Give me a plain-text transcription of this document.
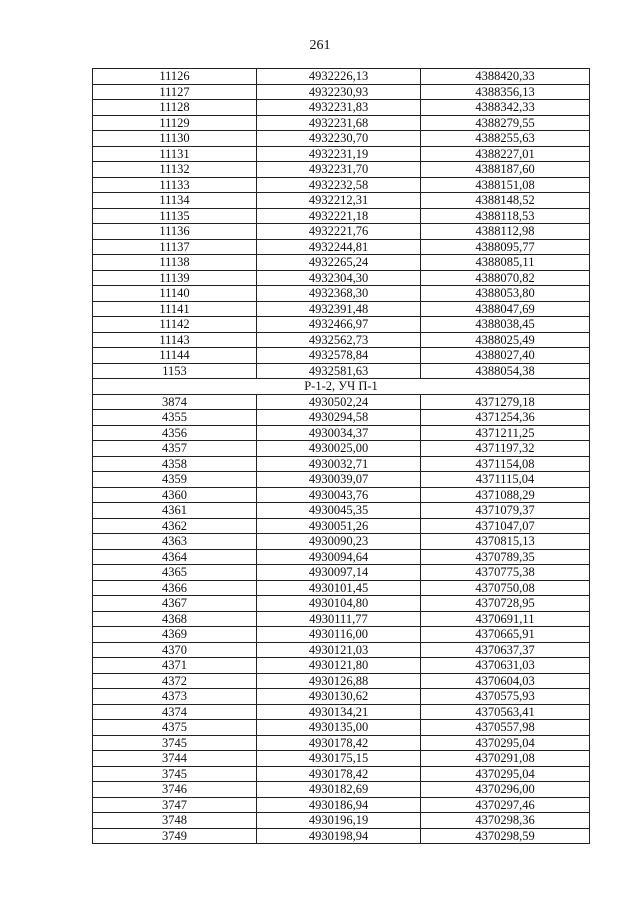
261
11126	4932226,13	4388420,33
11127	4932230,93	4388356,13
11128	4932231,83	4388342,33
11129	4932231,68	4388279,55
11130	4932230,70	4388255,63
11131	4932231,19	4388227,01
11132	4932231,70	4388187,60
11133	4932232,58	4388151,08
11134	4932212,31	4388148,52
11135	4932221,18	4388118,53
11136	4932221,76	4388112,98
11137	4932244,81	4388095,77
11138	4932265,24	4388085,11
11139	4932304,30	4388070,82
11140	4932368,30	4388053,80
11141	4932391,48	4388047,69
11142	4932466,97	4388038,45
11143	4932562,73	4388025,49
11144	4932578,84	4388027,40
1153	4932581,63	4388054,38
Р-1-2, УЧ П-1		
3874	4930502,24	4371279,18
4355	4930294,58	4371254,36
4356	4930034,37	4371211,25
4357	4930025,00	4371197,32
4358	4930032,71	4371154,08
4359	4930039,07	4371115,04
4360	4930043,76	4371088,29
4361	4930045,35	4371079,37
4362	4930051,26	4371047,07
4363	4930090,23	4370815,13
4364	4930094,64	4370789,35
4365	4930097,14	4370775,38
4366	4930101,45	4370750,08
4367	4930104,80	4370728,95
4368	4930111,77	4370691,11
4369	4930116,00	4370665,91
4370	4930121,03	4370637,37
4371	4930121,80	4370631,03
4372	4930126,88	4370604,03
4373	4930130,62	4370575,93
4374	4930134,21	4370563,41
4375	4930135,00	4370557,98
3745	4930178,42	4370295,04
3744	4930175,15	4370291,08
3745	4930178,42	4370295,04
3746	4930182,69	4370296,00
3747	4930186,94	4370297,46
3748	4930196,19	4370298,36
3749	4930198,94	4370298,59
